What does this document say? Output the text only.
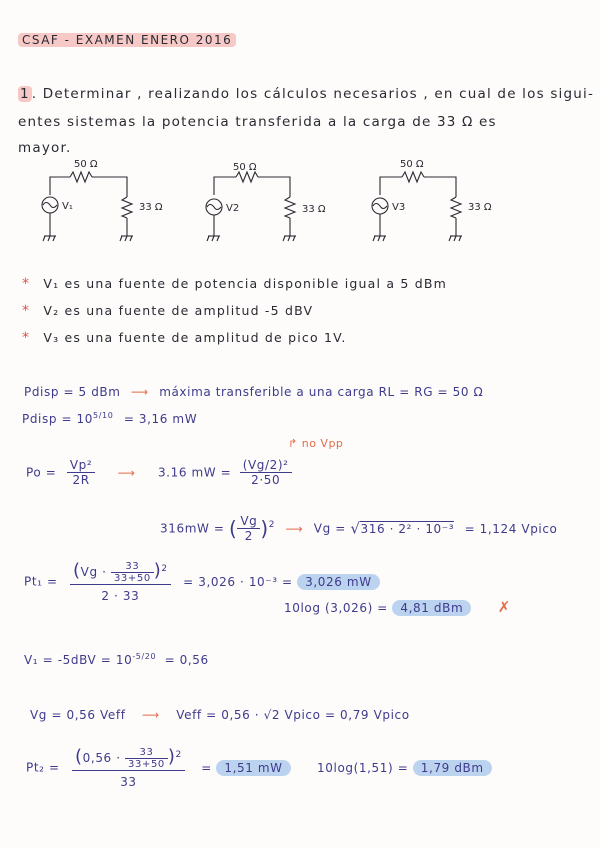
CSAF - EXAMEN ENERO 2016
1 . Determinar , realizando los cálculos necesarios , en cual de los sigui-
entes sistemas la potencia transferida a la carga de 33 Ω es
mayor.
50 Ω
V₁	33 Ω
50 Ω
V2	33 Ω
50 Ω
V3	33 Ω
* V₁ es una fuente de potencia disponible igual a 5 dBm
* V₂ es una fuente de amplitud -5 dBV
* V₃ es una fuente de amplitud de pico 1V.
Pdisp = 5 dBm ⟶ máxima transferible a una carga RL = RG = 50 Ω
Pdisp = $10^{5/10} = 3,16$ mW
↱ no Vpp
$Po = \frac{\text{Vp²}}{2R}$ ⟶ 3.16 mW = $\frac{\text{(Vg/2)²}}{2\cdot 50}$
316mW = ( $\frac{Vg}{2} )^2$ ⟶ Vg = √316 · 2² · 10⁻³ = 1,124 Vpico
$Pt_1 = \frac{(Vg \cdot \frac{33}{33+50} )^2}{2 \cdot 33} = 3,026 \cdot 10^{-3} = 3,026$ mW
10log (3,026) = 4,81 dBm ✗
$V_1 = -5dBV = 10^{-5/20} = 0,56$
Vg = 0,56 Veff ⟶ Veff = 0,56 · √2 Vpico = 0,79 Vpico
$Pt_2 = \frac{(0,56 \cdot \frac{33}{33+50} )^2}{33} = 1,51$ mW	10log(1,51) = 1,79 dBm
